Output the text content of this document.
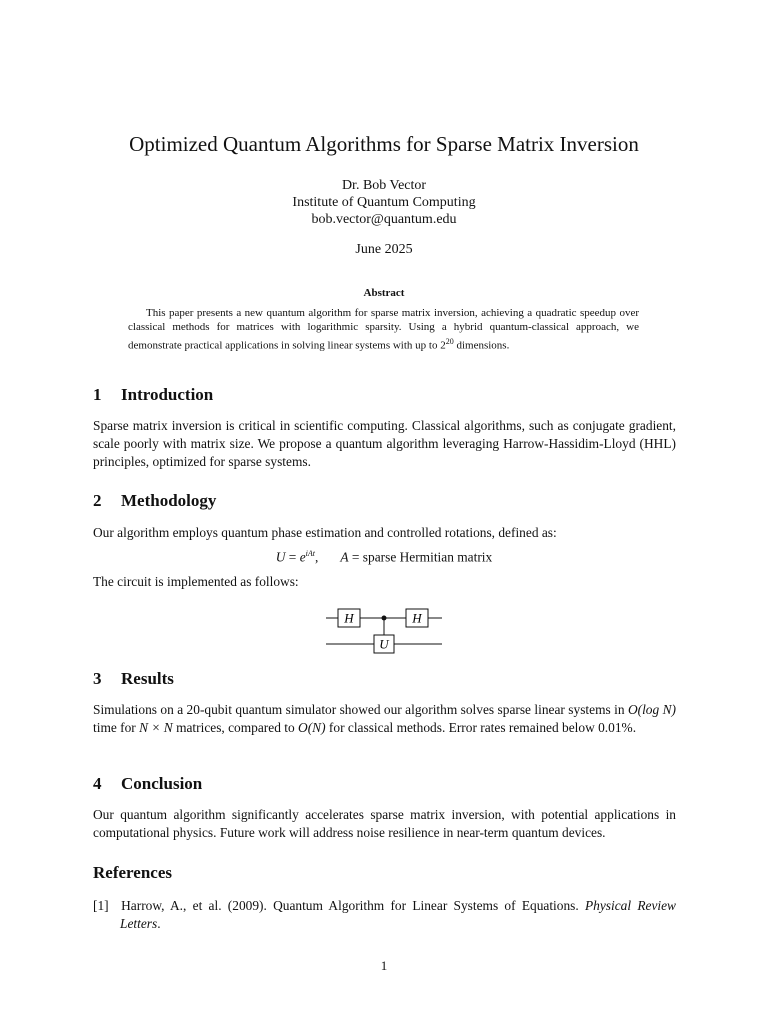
Optimized Quantum Algorithms for Sparse Matrix Inversion
Dr. Bob Vector
Institute of Quantum Computing
bob.vector@quantum.edu
June 2025
Abstract
This paper presents a new quantum algorithm for sparse matrix inversion, achieving a quadratic speedup over classical methods for matrices with logarithmic sparsity. Using a hybrid quantum-classical approach, we demonstrate practical applications in solving linear systems with up to $2^{20}$ dimensions.
1 Introduction
Sparse matrix inversion is critical in scientific computing. Classical algorithms, such as conjugate gradient, scale poorly with matrix size. We propose a quantum algorithm leveraging Harrow-Hassidim-Lloyd (HHL) principles, optimized for sparse systems.
2 Methodology
Our algorithm employs quantum phase estimation and controlled rotations, defined as:
$U = e^{iAt}$, A = sparse Hermitian matrix
The circuit is implemented as follows:
H	H
U
3 Results
Simulations on a 20-qubit quantum simulator showed our algorithm solves sparse linear systems in O(log N) time for N × N matrices, compared to O(N) for classical methods. Error rates remained below 0.01%.
4 Conclusion
Our quantum algorithm significantly accelerates sparse matrix inversion, with potential applications in computational physics. Future work will address noise resilience in near-term quantum devices.
References
[1] Harrow, A., et al. (2009). Quantum Algorithm for Linear Systems of Equations. Physical Review Letters.
1
